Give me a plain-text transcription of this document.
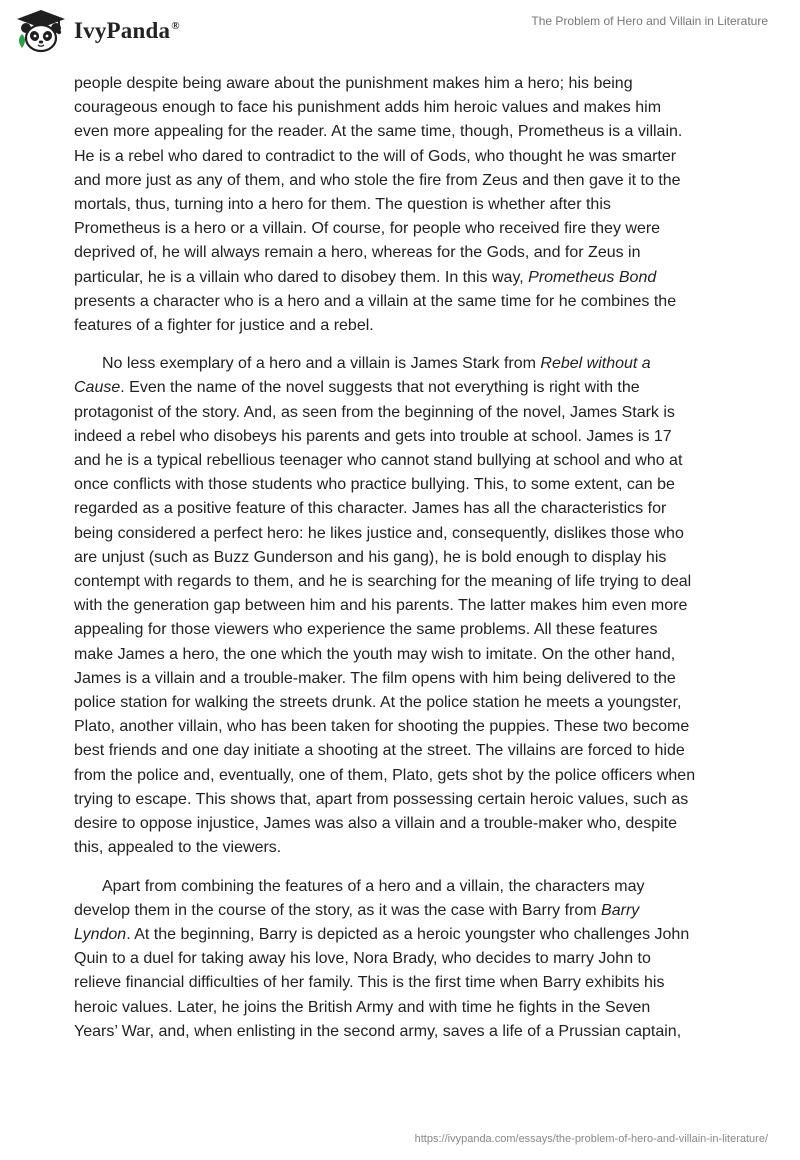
IvyPanda®	The Problem of Hero and Villain in Literature

people despite being aware about the punishment makes him a hero; his being
courageous enough to face his punishment adds him heroic values and makes him
even more appealing for the reader. At the same time, though, Prometheus is a villain.
He is a rebel who dared to contradict to the will of Gods, who thought he was smarter
and more just as any of them, and who stole the fire from Zeus and then gave it to the
mortals, thus, turning into a hero for them. The question is whether after this
Prometheus is a hero or a villain. Of course, for people who received fire they were
deprived of, he will always remain a hero, whereas for the Gods, and for Zeus in
particular, he is a villain who dared to disobey them. In this way, Prometheus Bond
presents a character who is a hero and a villain at the same time for he combines the
features of a fighter for justice and a rebel.

No less exemplary of a hero and a villain is James Stark from Rebel without a
Cause. Even the name of the novel suggests that not everything is right with the
protagonist of the story. And, as seen from the beginning of the novel, James Stark is
indeed a rebel who disobeys his parents and gets into trouble at school. James is 17
and he is a typical rebellious teenager who cannot stand bullying at school and who at
once conflicts with those students who practice bullying. This, to some extent, can be
regarded as a positive feature of this character. James has all the characteristics for
being considered a perfect hero: he likes justice and, consequently, dislikes those who
are unjust (such as Buzz Gunderson and his gang), he is bold enough to display his
contempt with regards to them, and he is searching for the meaning of life trying to deal
with the generation gap between him and his parents. The latter makes him even more
appealing for those viewers who experience the same problems. All these features
make James a hero, the one which the youth may wish to imitate. On the other hand,
James is a villain and a trouble-maker. The film opens with him being delivered to the
police station for walking the streets drunk. At the police station he meets a youngster,
Plato, another villain, who has been taken for shooting the puppies. These two become
best friends and one day initiate a shooting at the street. The villains are forced to hide
from the police and, eventually, one of them, Plato, gets shot by the police officers when
trying to escape. This shows that, apart from possessing certain heroic values, such as
desire to oppose injustice, James was also a villain and a trouble-maker who, despite
this, appealed to the viewers.

Apart from combining the features of a hero and a villain, the characters may
develop them in the course of the story, as it was the case with Barry from Barry
Lyndon. At the beginning, Barry is depicted as a heroic youngster who challenges John
Quin to a duel for taking away his love, Nora Brady, who decides to marry John to
relieve financial difficulties of her family. This is the first time when Barry exhibits his
heroic values. Later, he joins the British Army and with time he fights in the Seven
Years’ War, and, when enlisting in the second army, saves a life of a Prussian captain,

https://ivypanda.com/essays/the-problem-of-hero-and-villain-in-literature/
